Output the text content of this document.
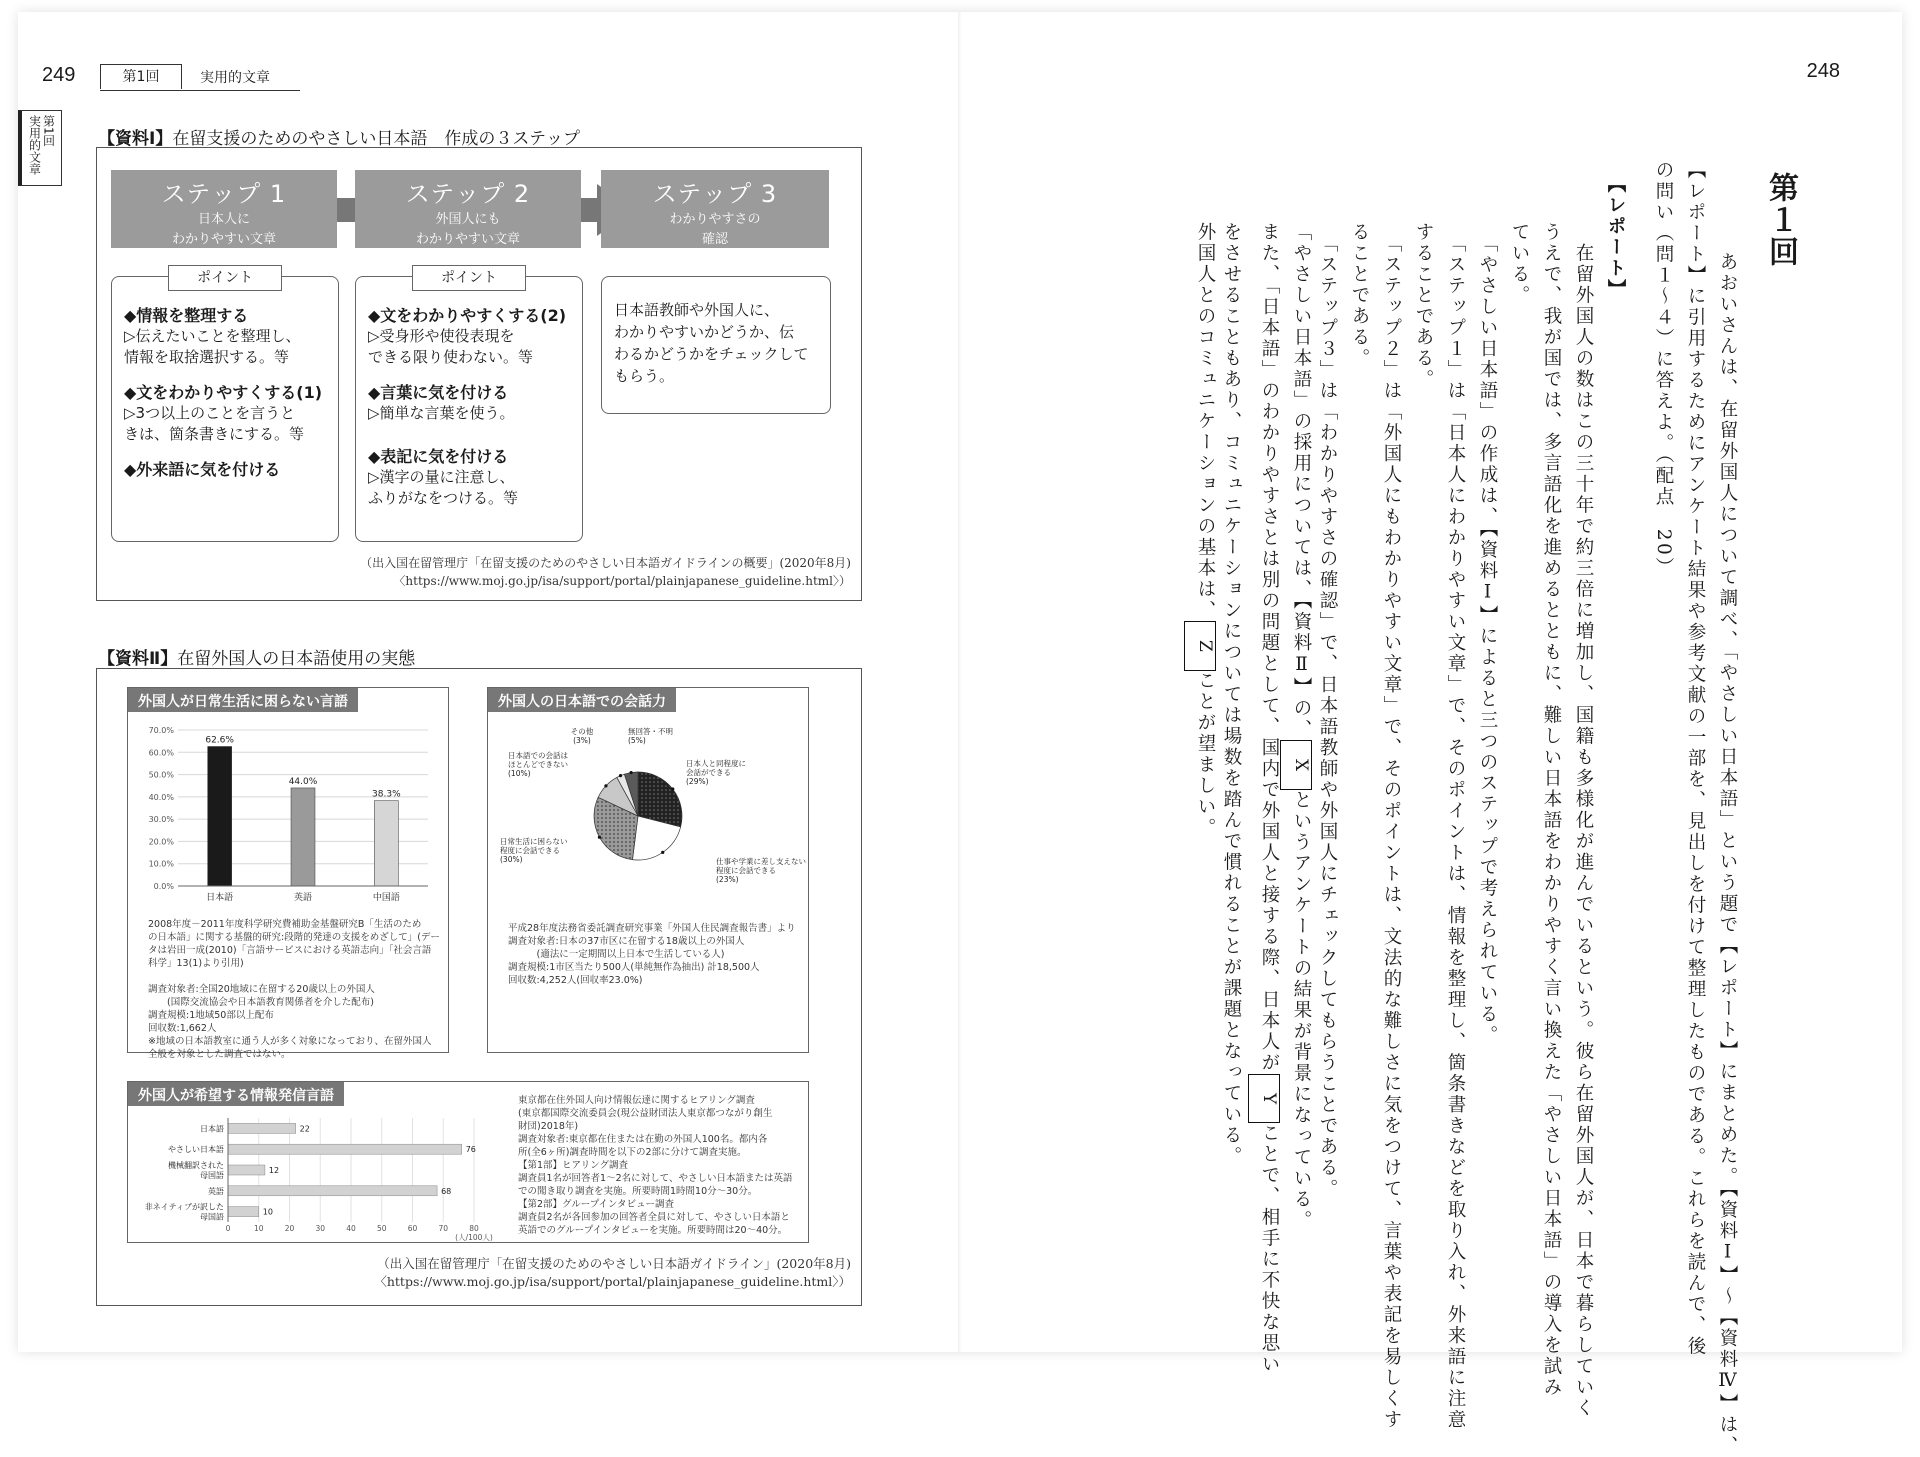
249	第1回	実用的文章
実用的文章 第1回	【資料Ⅰ】在留支援のためのやさしい日本語　作成の３ステップ
ステップ 1
日本人に
わかりやすい文章
ステップ 2
外国人にも
わかりやすい文章
ステップ 3
わかりやすさの
確認
ポイント
◆情報を整理する
▷伝えたいことを整理し、
情報を取捨選択する。等
◆文をわかりやすくする(1)
▷3つ以上のことを言うと
きは、箇条書きにする。等
◆外来語に気を付ける
ポイント
◆文をわかりやすくする(2)
▷受身形や使役表現を
できる限り使わない。等
◆言葉に気を付ける
▷簡単な言葉を使う。
◆表記に気を付ける
▷漢字の量に注意し、
ふりがなをつける。等
日本語教師や外国人に、
わかりやすいかどうか、伝
わるかどうかをチェックして
もらう。
（出入国在留管理庁「在留支援のためのやさしい日本語ガイドラインの概要」(2020年8月)
〈https://www.moj.go.jp/isa/support/portal/plainjapanese_guideline.html〉）
【資料Ⅱ】在留外国人の日本語使用の実態
外国人が日常生活に困らない言語
0.0%
10.0%
20.0%
30.0%
40.0%
50.0%
60.0%
70.0%
62.6%
日本語
44.0%
英語
38.3%
中国語
2008年度－2011年度科学研究費補助金基盤研究B「生活のため
の日本語」に関する基盤的研究:段階的発達の支援をめざして」(デー
タは岩田一成(2010)「言語サービスにおける英語志向」「社会言語
科学」13(1)より引用)
調査対象者:全国20地域に在留する20歳以上の外国人
　　(国際交流協会や日本語教育関係者を介した配布)
調査規模:1地域50部以上配布
回収数:1,662人
※地域の日本語教室に通う人が多く対象になっており、在留外国人
全般を対象とした調査ではない。
外国人の日本語での会話力
日本人と同程度に
会話ができる
(29%)
仕事や学業に差し支えない
程度に会話できる
(23%)
日常生活に困らない
程度に会話できる
(30%)
日本語での会話は
ほとんどできない
(10%)
その他
(3%)
無回答・不明
(5%)
平成28年度法務省委託調査研究事業「外国人住民調査報告書」より
調査対象者:日本の37市区に在留する18歳以上の外国人
　　　(適法に一定期間以上日本で生活している人)
調査規模:1市区当たり500人(単純無作為抽出) 計18,500人
回収数:4,252人(回収率23.0%)
外国人が希望する情報発信言語
0	10	20	30	40	50	60	70	80
(人/100人)
22
日本語
76
やさしい日本語
12
機械翻訳された
母国語
68
英語
10
非ネイティブが訳した
母国語
東京都在住外国人向け情報伝達に関するヒアリング調査
(東京都国際交流委員会(現公益財団法人東京都つながり創生
財団)2018年)
調査対象者:東京都在住または在勤の外国人100名。都内各
所(全6ヶ所)調査時間を以下の2部に分けて調査実施。
【第1部】ヒアリング調査
調査員1名が回答者1～2名に対して、やさしい日本語または英語
での聞き取り調査を実施。所要時間1時間10分～30分。
【第2部】グループインタビュー調査
調査員2名が各回参加の回答者全員に対して、やさしい日本語と
英語でのグループインタビューを実施。所要時間は20～40分。
（出入国在留管理庁「在留支援のためのやさしい日本語ガイドライン」(2020年8月)
〈https://www.moj.go.jp/isa/support/portal/plainjapanese_guideline.html〉）
248
第１回
あおいさんは、在留外国人について調べ、「やさしい日本語」という題で【レポート】にまとめた。【資料Ⅰ】～【資料Ⅳ】は、
【レポート】に引用するためにアンケート結果や参考文献の一部を、見出しを付けて整理したものである。これらを読んで、後
の問い（問１～４）に答えよ。（配点　20）
【レポート】
　在留外国人の数はこの三十年で約三倍に増加し、国籍も多様化が進んでいるという。彼ら在留外国人が、日本で暮らしていく
うえで、我が国では、多言語化を進めるとともに、難しい日本語をわかりやすく言い換えた「やさしい日本語」の導入を試み
ている。
　「やさしい日本語」の作成は、【資料Ⅰ】によると三つのステップで考えられている。
　「ステップ１」は「日本人にわかりやすい文章」で、そのポイントは、情報を整理し、箇条書きなどを取り入れ、外来語に注意
することである。
　「ステップ２」は「外国人にもわかりやすい文章」で、そのポイントは、文法的な難しさに気をつけて、言葉や表記を易しくす
ることである。
　「ステップ３」は「わかりやすさの確認」で、日本語教師や外国人にチェックしてもらうことである。
「やさしい日本語」の採用については、【資料Ⅱ】の、Xというアンケートの結果が背景になっている。
また、「日本語」のわかりやすさとは別の問題として、国内で外国人と接する際、日本人がYことで、相手に不快な思い
をさせることもあり、コミュニケーションについては場数を踏んで慣れることが課題となっている。
外国人とのコミュニケーションの基本は、Zことが望ましい。
